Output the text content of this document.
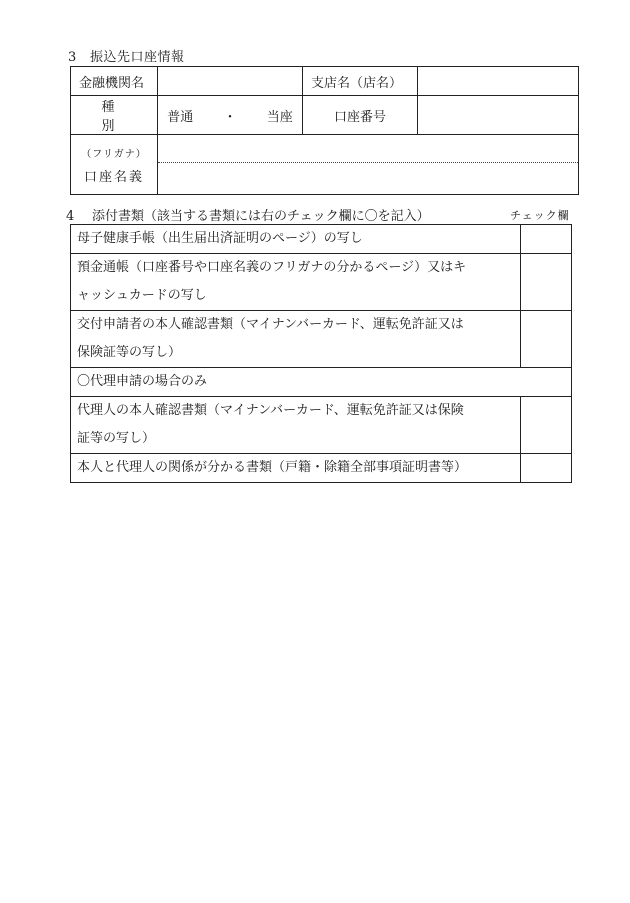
3 振込先口座情報
金融機関名		支店名（店名）	
種　別	普通 ・ 当座	口座番号	

（フリガナ）
口座名義			

4 添付書類（該当する書類には右のチェック欄に〇を記入）	チェック欄
母子健康手帳（出生届出済証明のページ）の写し	

預金通帳（口座番号や口座名義のフリガナの分かるページ）又はキ
ャッシュカードの写し	

交付申請者の本人確認書類（マイナンバーカード、運転免許証又は
保険証等の写し）	

〇代理申請の場合のみ	

代理人の本人確認書類（マイナンバーカード、運転免許証又は保険
証等の写し）	

本人と代理人の関係が分かる書類（戸籍・除籍全部事項証明書等）	
